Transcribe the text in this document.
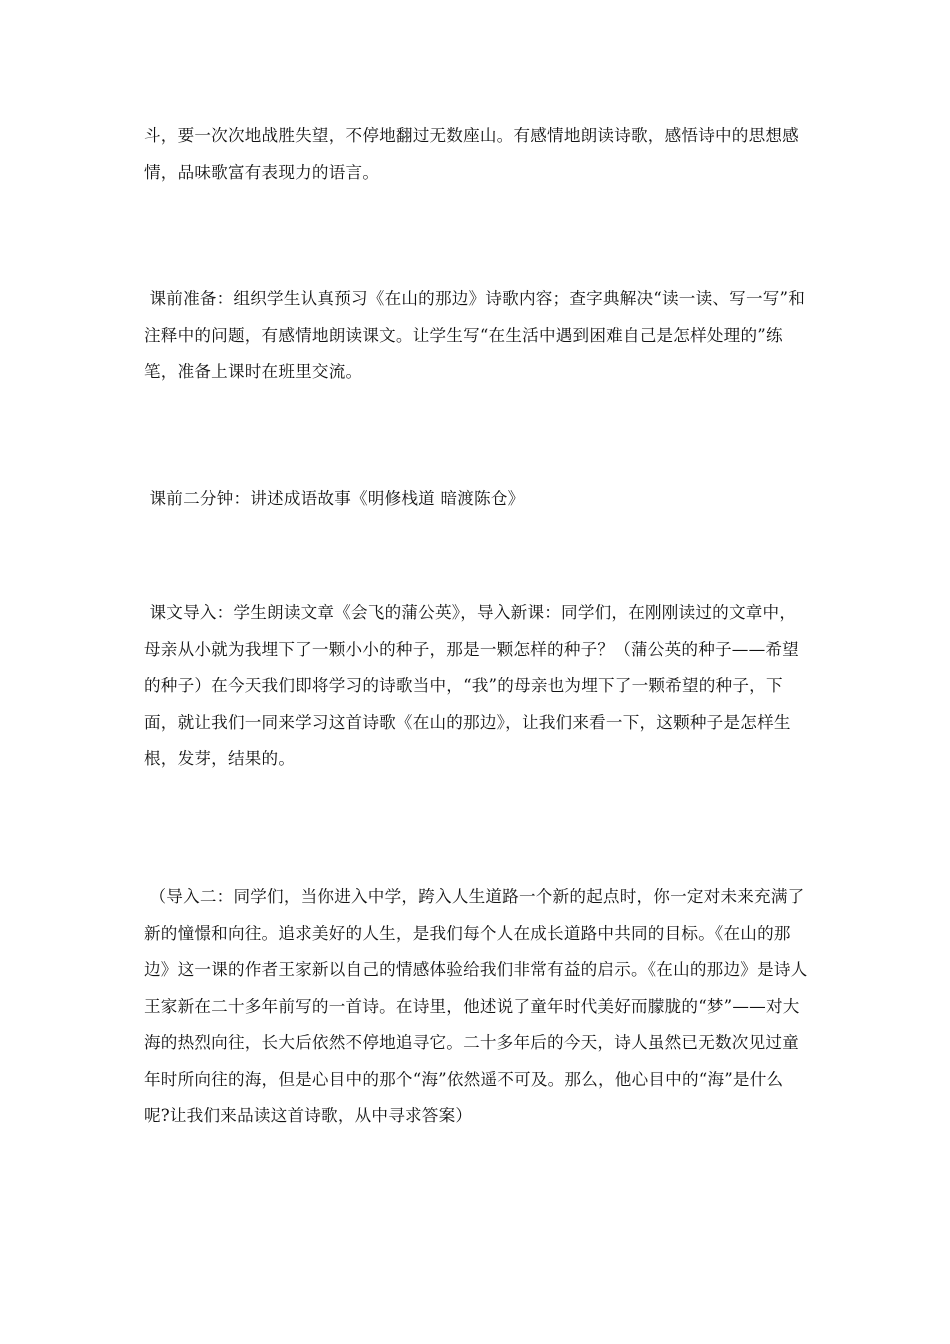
斗，要一次次地战胜失望，不停地翻过无数座山。有感情地朗读诗歌，感悟诗中的思想感情，品味歌富有表现力的语言。

课前准备：组织学生认真预习《在山的那边》诗歌内容；查字典解决“读一读、写一写”和注释中的问题，有感情地朗读课文。让学生写“在生活中遇到困难自己是怎样处理的”练笔，准备上课时在班里交流。

课前二分钟：讲述成语故事《明修栈道 暗渡陈仓》

课文导入：学生朗读文章《会飞的蒲公英》，导入新课：同学们，在刚刚读过的文章中，母亲从小就为我埋下了一颗小小的种子，那是一颗怎样的种子？（蒲公英的种子——希望的种子）在今天我们即将学习的诗歌当中，“我”的母亲也为埋下了一颗希望的种子，下面，就让我们一同来学习这首诗歌《在山的那边》，让我们来看一下，这颗种子是怎样生根，发芽，结果的。

（导入二：同学们，当你进入中学，跨入人生道路一个新的起点时，你一定对未来充满了新的憧憬和向往。追求美好的人生，是我们每个人在成长道路中共同的目标。《在山的那边》这一课的作者王家新以自己的情感体验给我们非常有益的启示。《在山的那边》是诗人王家新在二十多年前写的一首诗。在诗里，他述说了童年时代美好而朦胧的“梦”——对大海的热烈向往，长大后依然不停地追寻它。二十多年后的今天，诗人虽然已无数次见过童年时所向往的海，但是心目中的那个“海”依然遥不可及。那么，他心目中的“海”是什么呢?让我们来品读这首诗歌，从中寻求答案）
